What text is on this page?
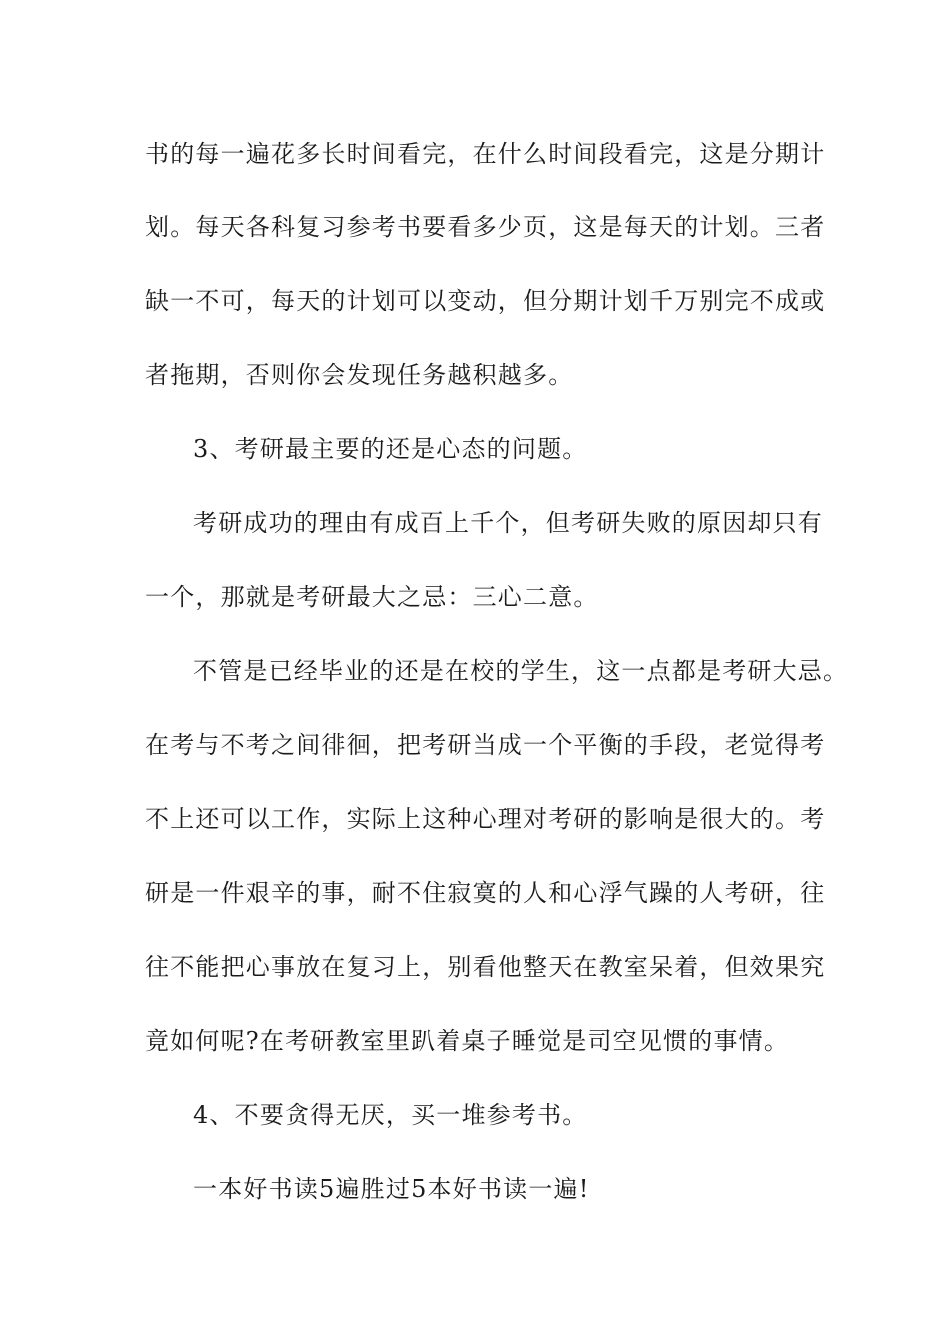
书的每一遍花多长时间看完，在什么时间段看完，这是分期计

划。每天各科复习参考书要看多少页，这是每天的计划。三者

缺一不可，每天的计划可以变动，但分期计划千万别完不成或

者拖期，否则你会发现任务越积越多。

3、考研最主要的还是心态的问题。

考研成功的理由有成百上千个，但考研失败的原因却只有

一个，那就是考研最大之忌：三心二意。

不管是已经毕业的还是在校的学生，这一点都是考研大忌。

在考与不考之间徘徊，把考研当成一个平衡的手段，老觉得考

不上还可以工作，实际上这种心理对考研的影响是很大的。考

研是一件艰辛的事，耐不住寂寞的人和心浮气躁的人考研，往

往不能把心事放在复习上，别看他整天在教室呆着，但效果究

竟如何呢?在考研教室里趴着桌子睡觉是司空见惯的事情。

4、不要贪得无厌，买一堆参考书。

一本好书读5遍胜过5本好书读一遍!
